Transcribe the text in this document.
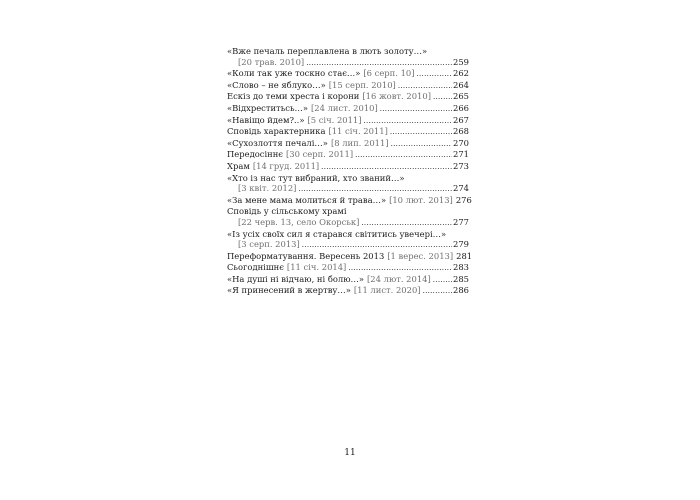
«Вже печаль переплавлена в лють золоту…»
[20 трав. 2010] .....	259
«Коли так уже тоскно стає…» [6 серп. 10] .....	262
«Слово – не яблуко…» [15 серп. 2010] .....	264
Ескіз до теми хреста і корони [16 жовт. 2010] .....	265
«Відхреститьсь…» [24 лист. 2010] .....	266
«Навіщо йдем?..» [5 січ. 2011] .....	267
Сповідь характерника [11 січ. 2011] .....	268
«Сухозлоття печалі…» [8 лип. 2011] .....	270
Передосіннє [30 серп. 2011] .....	271
Храм [14 груд. 2011] .....	273
«Хто із нас тут вибраний, хто званий…»
[3 квіт. 2012] .....	274
«За мене мама молиться й трава…» [10 лют. 2013] 276
Сповідь у сільському храмі
[22 черв. 13, село Окорськ] .....	277
«Із усіх своїх сил я старався світитись увечері…»
[3 серп. 2013] .....	279
Переформатування. Вересень 2013 [1 верес. 2013] 281
Сьогоднішнє [11 січ. 2014] .....	283
«На душі ні відчаю, ні болю…» [24 лют. 2014] .....	285
«Я принесений в жертву…» [11 лист. 2020] .....	286
11
